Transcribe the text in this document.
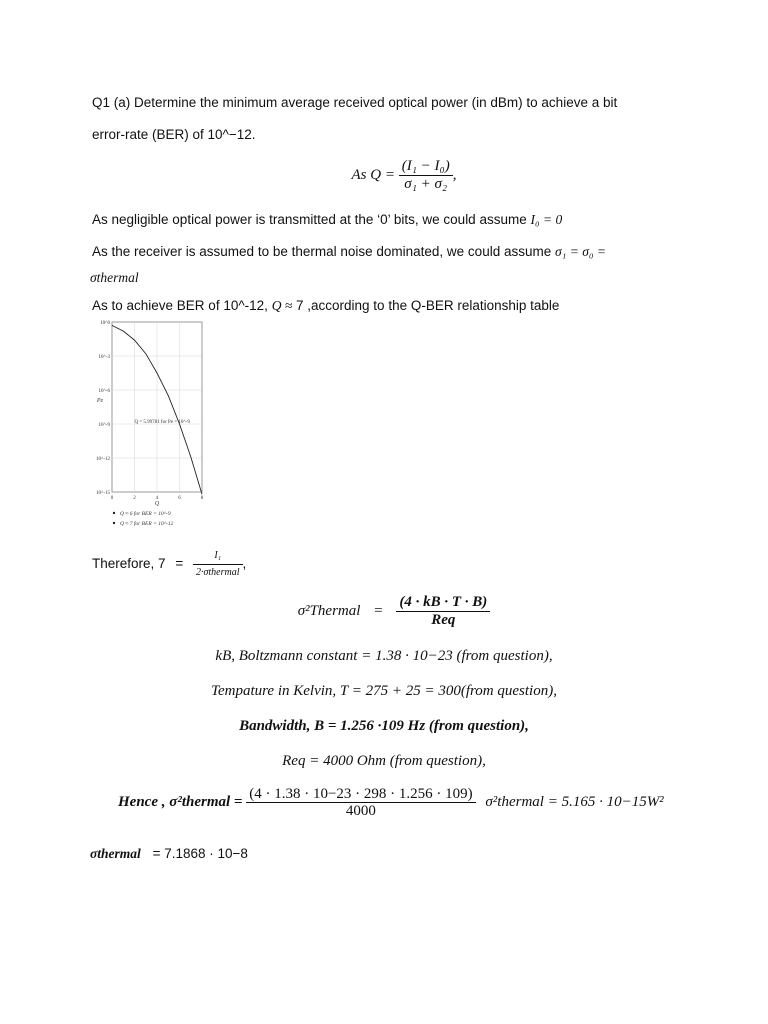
Q1 (a) Determine the minimum average received optical power (in dBm) to achieve a bit
error-rate (BER) of 10^−12.
As $Q = \frac{\text{(I₁ − I₀)}}{\text{σ₁ + σ₂}}$ ,
As negligible optical power is transmitted at the ‘0’ bits, we could assume I₀ = 0
As the receiver is assumed to be thermal noise dominated, we could assume σ₁ = σ₀ =
σthermal
As to achieve BER of 10^-12, Q ≈ 7 ,according to the Q-BER relationship table
10^0
10^-3
10^-6
10^-9
10^-12
10^-15
0	2	4	6	8
Q
Pe
Q = 5.99781 for Pe = 10^-9
Q ≈ 6 for BER = 10^-9
Q ≈ 7 for BER = 10^-12
Therefore, $7 = \frac{\text{I₁}}{\text{2·σthermal}}$ ,
σ²Thermal = $\frac{(4 \cdot kB \cdot T \cdot B)}{\text{Req}}$
kB, Boltzmann constant = 1.38 · 10−23 (from question),
Tempature in Kelvin, T = 275 + 25 = 300(from question),
Bandwidth, B = 1.256 ·109 Hz (from question),
Req = 4000 Ohm (from question),
Hence , σ²thermal = $\frac{(4 \cdot 1.38 \cdot 10-23 \cdot 298 \cdot 1.256 \cdot 109)}{4000}$ σ²thermal = 5.165 · 10−15W²
σthermal = 7.1868 · 10−8
